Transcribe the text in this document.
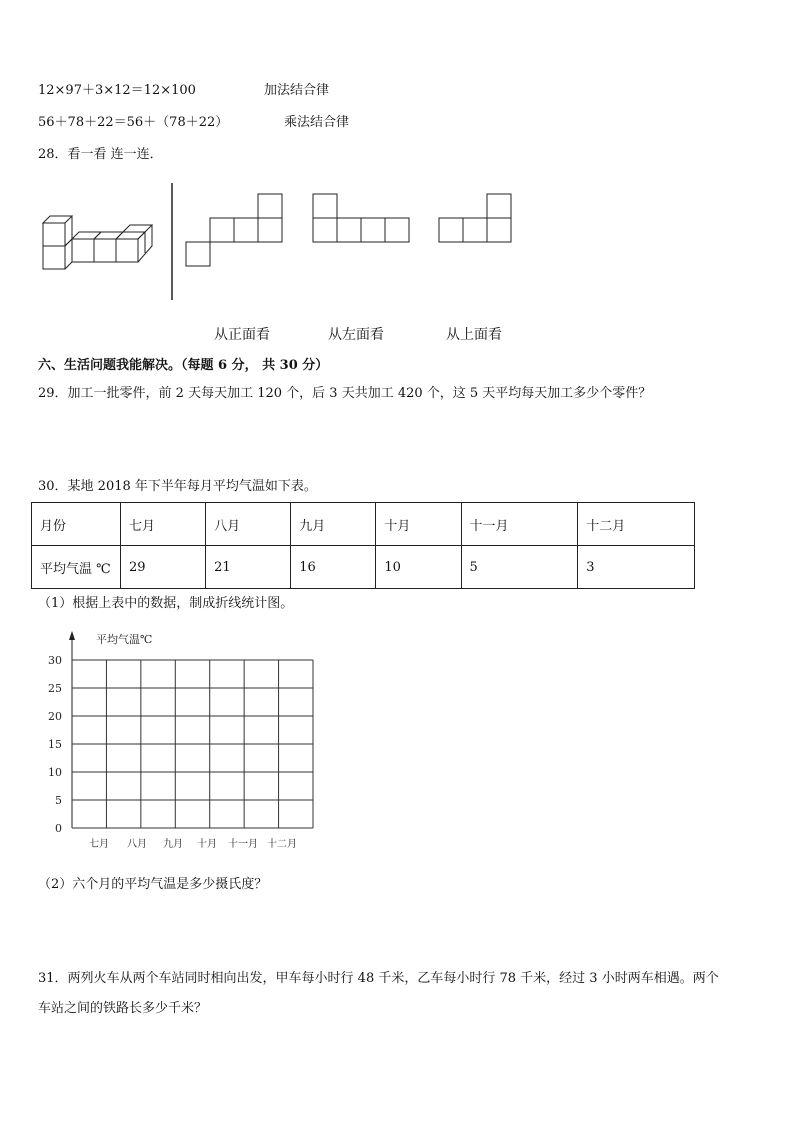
12×97＋3×12＝12×100	加法结合律
56＋78＋22＝56＋（78＋22）	乘法结合律
28．看一看 连一连．
从正面看	从左面看	从上面看
六、生活问题我能解决。（每题 6 分， 共 30 分）
29．加工一批零件，前 2 天每天加工 120 个，后 3 天共加工 420 个，这 5 天平均每天加工多少个零件？
30．某地 2018 年下半年每月平均气温如下表。
月份	七月	八月	九月	十月	十一月	十二月
平均气温 ℃	29	21	16	10	5	3
（1）根据上表中的数据，制成折线统计图。
平均气温℃
30
25
20
15
10
5
0
七月 八月 九月 十月 十一月 十二月
（2）六个月的平均气温是多少摄氏度？
31．两列火车从两个车站同时相向出发，甲车每小时行 48 千米，乙车每小时行 78 千米，经过 3 小时两车相遇。两个
车站之间的铁路长多少千米？
